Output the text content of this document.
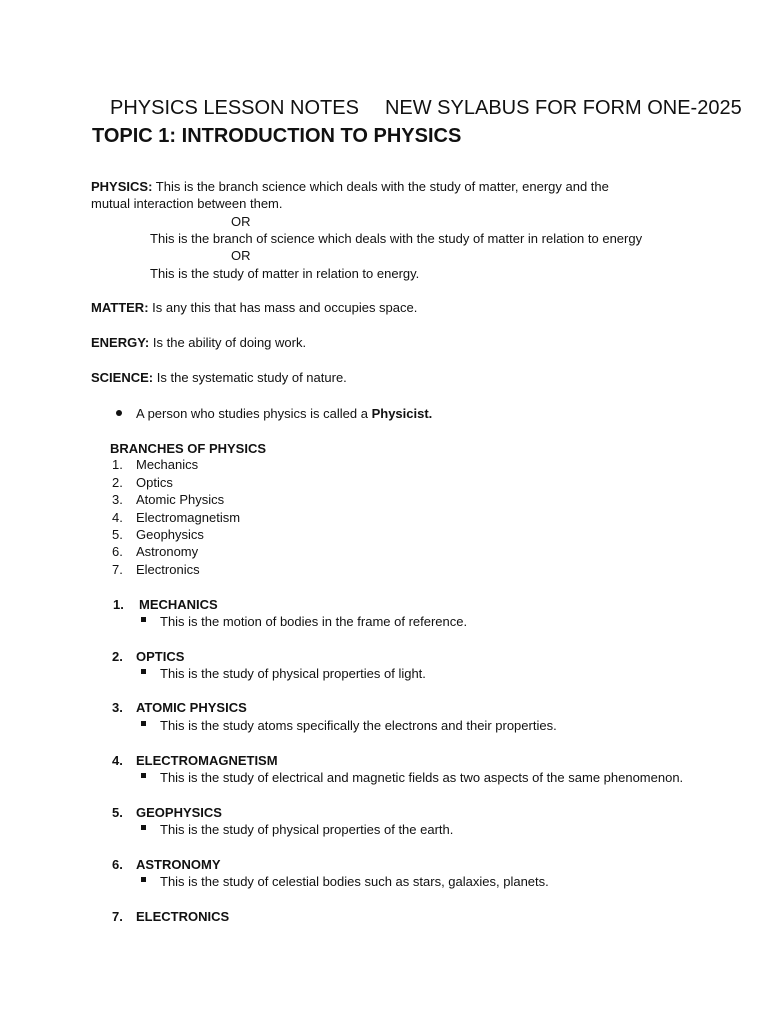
PHYSICS LESSON NOTES NEW SYLABUS FOR FORM ONE-2025
TOPIC 1: INTRODUCTION TO PHYSICS
PHYSICS: This is the branch science which deals with the study of matter, energy and the mutual interaction between them.
OR
This is the branch of science which deals with the study of matter in relation to energy
OR
This is the study of matter in relation to energy.
MATTER: Is any this that has mass and occupies space.
ENERGY: Is the ability of doing work.
SCIENCE: Is the systematic study of nature.
A person who studies physics is called a Physicist.
BRANCHES OF PHYSICS
1.	Mechanics
2.	Optics
3.	Atomic Physics
4.	Electromagnetism
5.	Geophysics
6.	Astronomy
7.	Electronics
1.	MECHANICS
This is the motion of bodies in the frame of reference.
2.	OPTICS
This is the study of physical properties of light.
3.	ATOMIC PHYSICS
This is the study atoms specifically the electrons and their properties.
4.	ELECTROMAGNETISM
This is the study of electrical and magnetic fields as two aspects of the same phenomenon.
5.	GEOPHYSICS
This is the study of physical properties of the earth.
6.	ASTRONOMY
This is the study of celestial bodies such as stars, galaxies, planets.
7.	ELECTRONICS
